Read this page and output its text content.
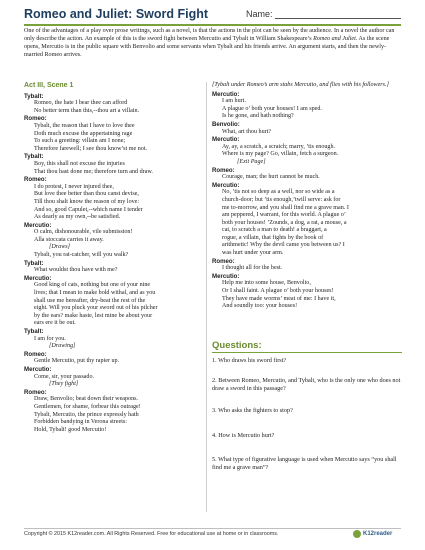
Romeo and Juliet: Sword Fight	Name:

One of the advantages of a play over prose writings, such as a novel, is that the actions in the plot can be seen by the audience. In a novel the author can only describe the action. An example of this is the sword fight between Mercutio and Tybalt in William Shakespeare’s Romeo and Juliet. As the scene opens, Mercutio is in the public square with Benvolio and some servants when Tybalt and his friends arrive. An argument starts, and then the newly-married Romeo arrives.

Act III, Scene 1
Tybalt:
Romeo, the hate I bear thee can afford
No better term than this,--thou art a villain.
Romeo:
Tybalt, the reason that I have to love thee
Doth much excuse the appertaining rage
To such a greeting: villain am I none;
Therefore farewell; I see thou know’st me not.
Tybalt:
Boy, this shall not excuse the injuries
That thou hast done me; therefore turn and draw.
Romeo:
I do protest, I never injured thee,
But love thee better than thou canst devise,
Till thou shalt know the reason of my love:
And so, good Capulet,--which name I tender
As dearly as my own,--be satisfied.
Mercutio:
O calm, dishonourable, vile submission!
Alla stoccata carries it away.
[Draws]
Tybalt, you rat-catcher, will you walk?
Tybalt:
What wouldst thou have with me?
Mercutio:
Good king of cats, nothing but one of your nine
lives; that I mean to make bold withal, and as you
shall use me hereafter, dry-beat the rest of the
eight. Will you pluck your sword out of his pilcher
by the ears? make haste, lest mine be about your
ears ere it be out.
Tybalt:
I am for you.
[Drawing]
Romeo:
Gentle Mercutio, put thy rapier up.
Mercutio:
Come, sir, your passado.
[They fight]
Romeo:
Draw, Benvolio; beat down their weapons.
Gentlemen, for shame, forbear this outrage!
Tybalt, Mercutio, the prince expressly hath
Forbidden bandying in Verona streets:
Hold, Tybalt! good Mercutio!
[Tybalt under Romeo’s arm stabs Mercutio, and flies with his followers.]
Mercutio:
I am hurt.
A plague o’ both your houses! I am sped.
Is he gone, and hath nothing?
Benvolio:
What, art thou hurt?
Mercutio:
Ay, ay, a scratch, a scratch; marry, ’tis enough.
Where is my page? Go, villain, fetch a surgeon.
[Exit Page]
Romeo:
Courage, man; the hurt cannot be much.
Mercutio:
No, ’tis not so deep as a well, nor so wide as a
church-door; but ’tis enough,’twill serve: ask for
me to-morrow, and you shall find me a grave man. I
am peppered, I warrant, for this world. A plague o’
both your houses! ’Zounds, a dog, a rat, a mouse, a
cat, to scratch a man to death! a braggart, a
rogue, a villain, that fights by the book of
arithmetic! Why the devil came you between us? I
was hurt under your arm.
Romeo:
I thought all for the best.
Mercutio:
Help me into some house, Benvolio,
Or I shall faint. A plague o’ both your houses!
They have made worms’ meat of me: I have it,
And soundly too: your houses!
Questions:

1. Who draws his sword first?

2. Between Romeo, Mercutio, and Tybalt, who is the only one who does not draw a sword in this passage?

3. Who asks the fighters to stop?

4. How is Mercutio hurt?

5. What type of figurative language is used when Mercutio says “you shall find me a grave man”?

Copyright © 2015 K12reader.com. All Rights Reserved. Free for educational use at home or in classrooms.	K12reader
